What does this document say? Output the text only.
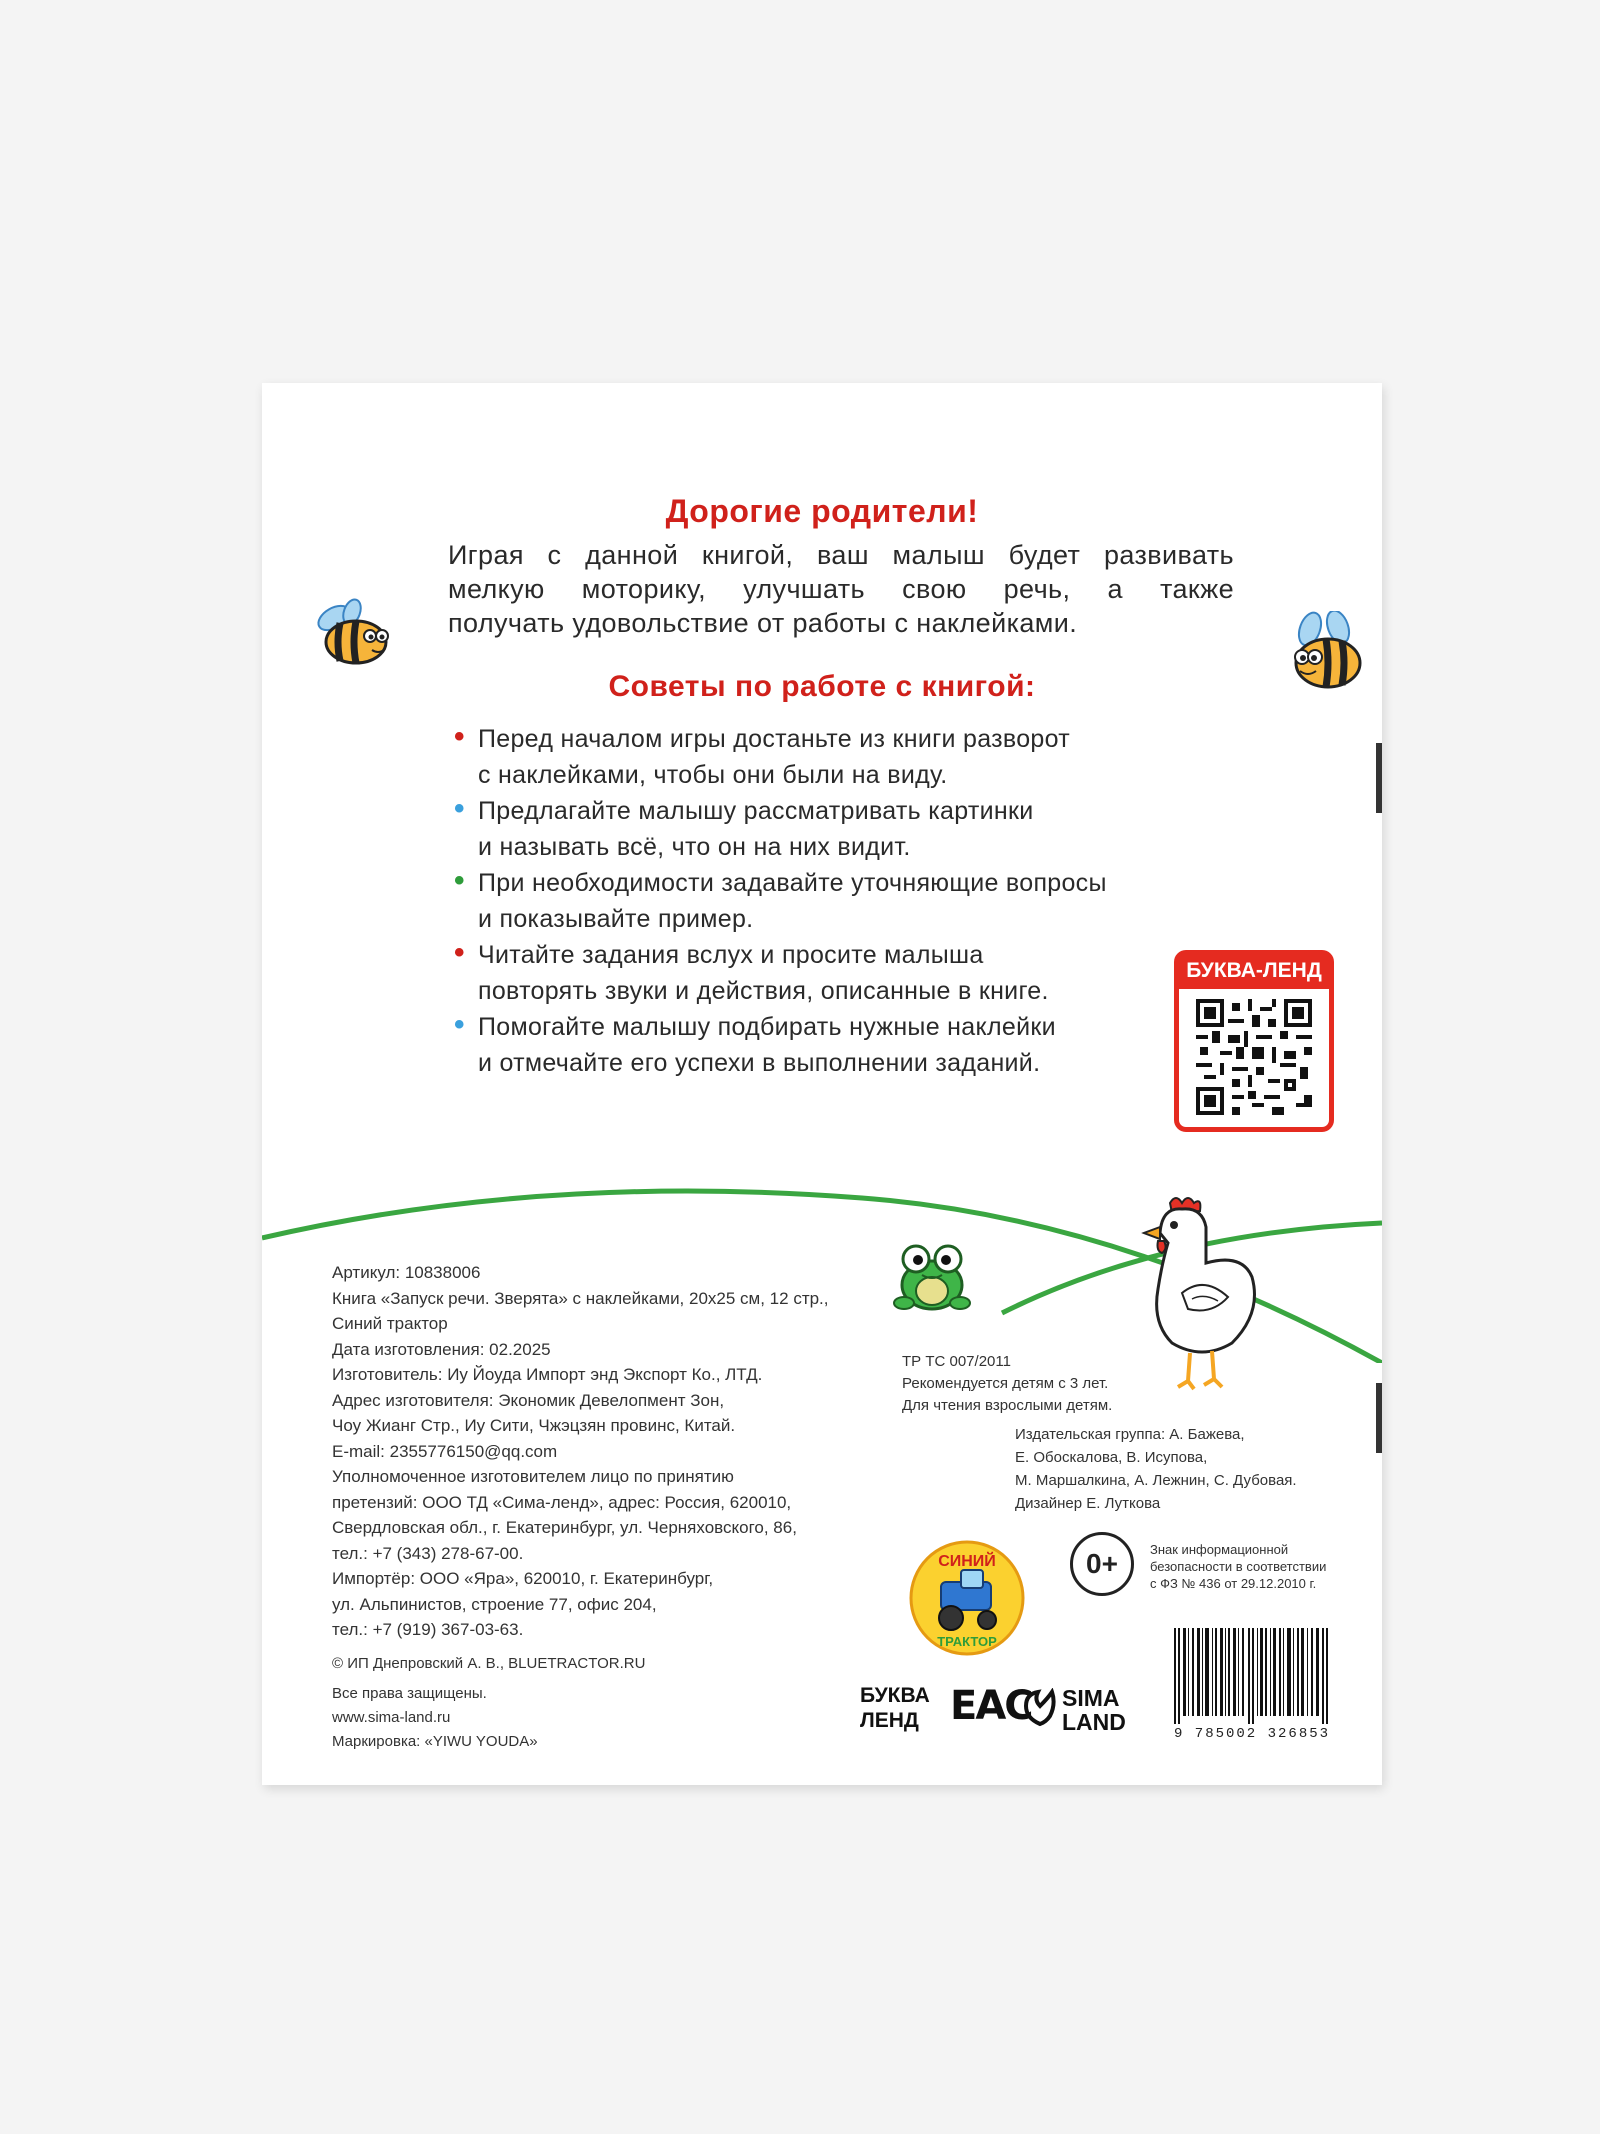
Дорогие родители!
Играя с данной книгой, ваш малыш будет развивать
мелкую моторику, улучшать свою речь, а также
получать удовольствие от работы с наклейками.
Советы по работе с книгой:
• Перед началом игры достаньте из книги разворот
с наклейками, чтобы они были на виду.
• Предлагайте малышу рассматривать картинки
и называть всё, что он на них видит.
• При необходимости задавайте уточняющие вопросы
и показывайте пример.
• Читайте задания вслух и просите малыша
повторять звуки и действия, описанные в книге.
• Помогайте малышу подбирать нужные наклейки
и отмечайте его успехи в выполнении заданий.
БУКВА-ЛЕНД
Артикул: 10838006
Книга «Запуск речи. Зверята» с наклейками, 20х25 см, 12 стр.,
Синий трактор
Дата изготовления: 02.2025
Изготовитель: Иу Йоуда Импорт энд Экспорт Ко., ЛТД.
Адрес изготовителя: Экономик Девелопмент Зон,
Чоу Жианг Стр., Иу Сити, Чжэцзян провинс, Китай.
E-mail: 2355776150@qq.com
Уполномоченное изготовителем лицо по принятию
претензий: ООО ТД «Сима-ленд», адрес: Россия, 620010,
Свердловская обл., г. Екатеринбург, ул. Черняховского, 86,
тел.: +7 (343) 278-67-00.
Импортёр: ООО «Яра», 620010, г. Екатеринбург,
ул. Альпинистов, строение 77, офис 204,
тел.: +7 (919) 367-03-63.
© ИП Днепровский А. В., BLUETRACTOR.RU
Все права защищены.
www.sima-land.ru
Маркировка: «YIWU YOUDA»
ТР ТС 007/2011
Рекомендуется детям с 3 лет.
Для чтения взрослыми детям.
Издательская группа: А. Бажева,
Е. Обоскалова, В. Исупова,
М. Маршалкина, А. Лежнин, С. Дубовая.
Дизайнер Е. Луткова
0+	Знак информационной
безопасности в соответствии
с ФЗ № 436 от 29.12.2010 г.
СИНИЙ
ТРАКТОР
БУКВА
ЛЕНД EAC SIMA
LAND	9 785002 326853
